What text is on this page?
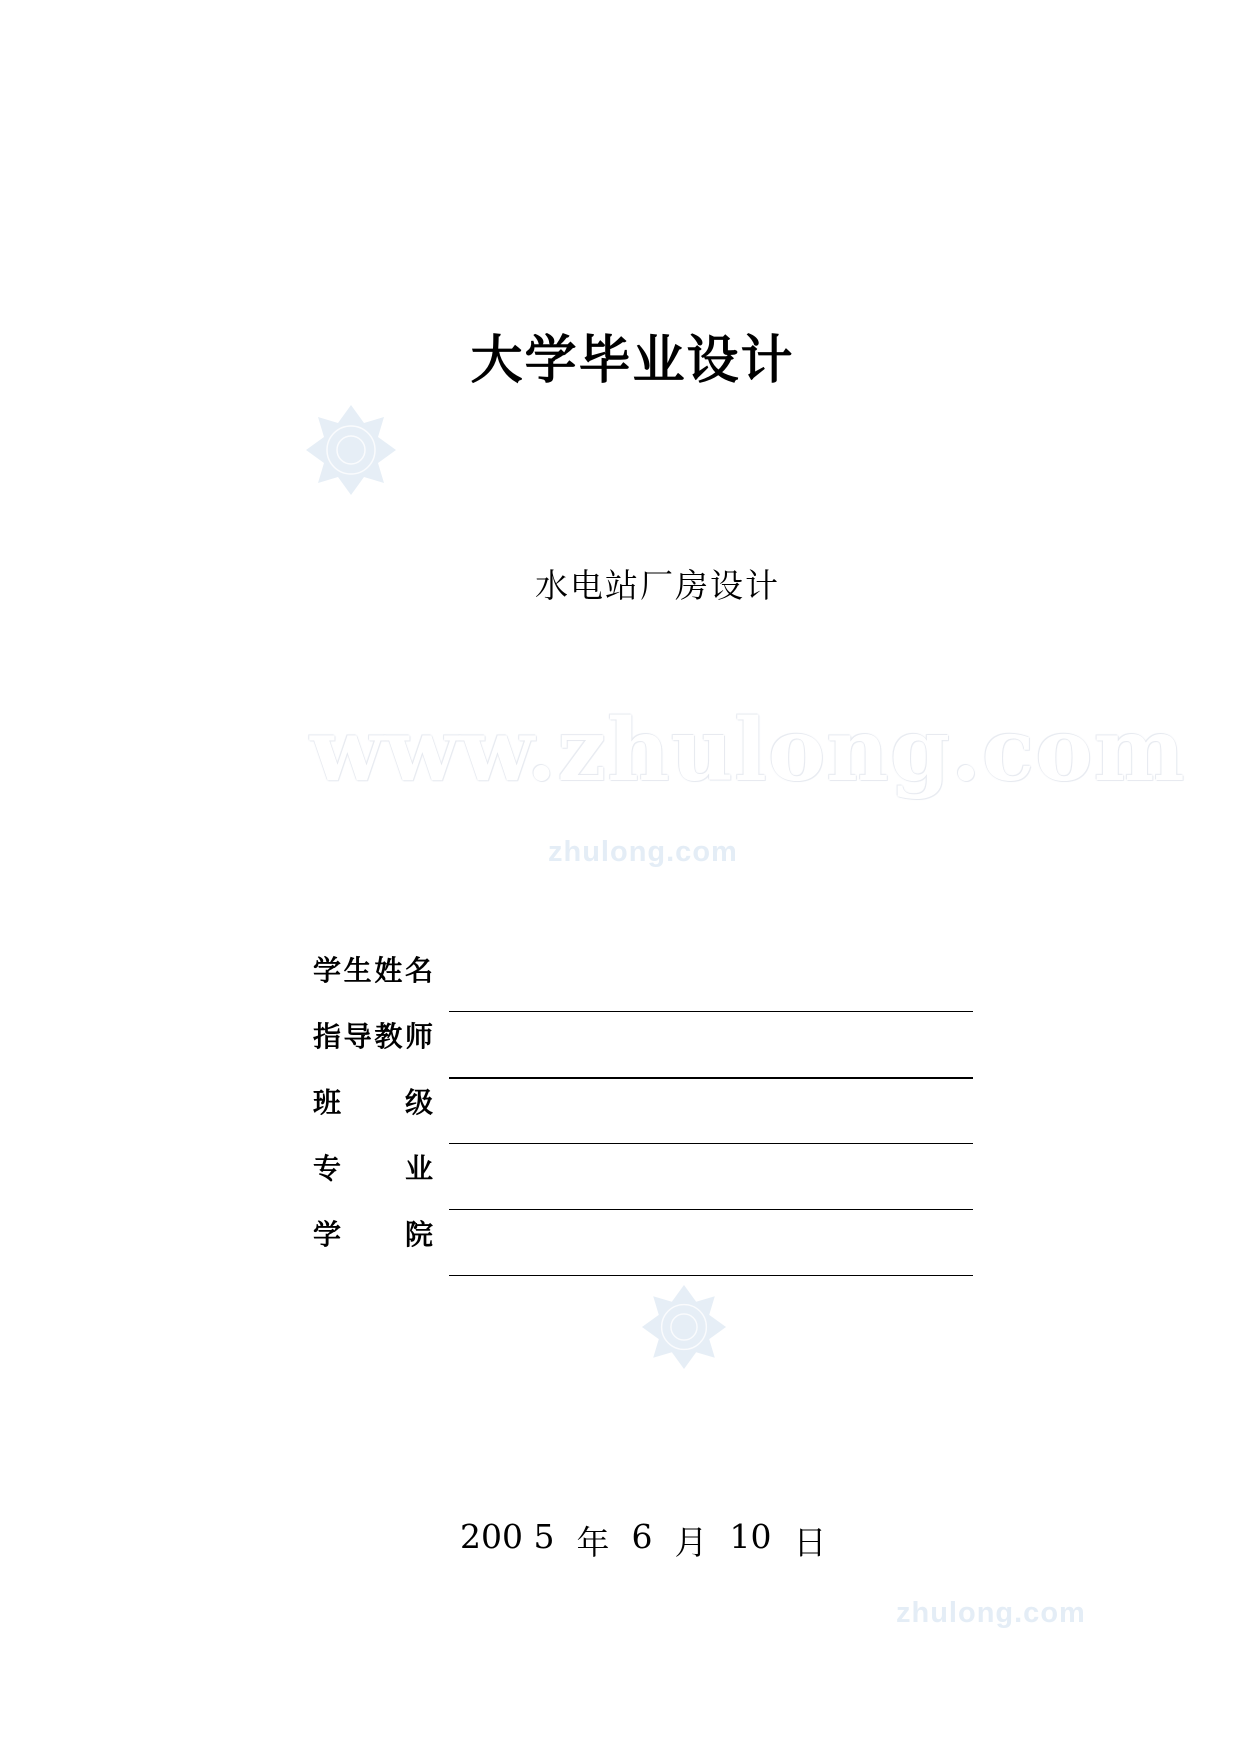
大学毕业设计
水电站厂房设计
www.zhulong.com
zhulong.com
zhulong.com
学 生 姓 名
指 导 教 师
班 级
专 业
学 院
200 5 年 6 月 10 日
